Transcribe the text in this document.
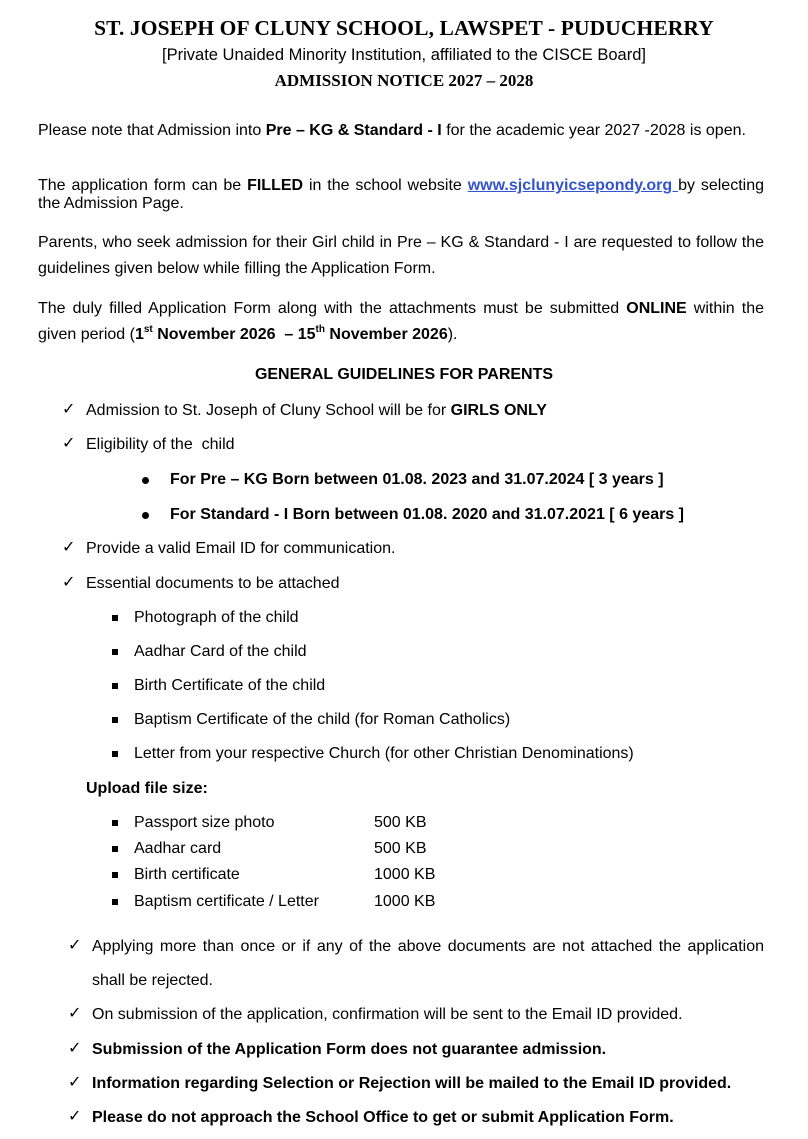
ST. JOSEPH OF CLUNY SCHOOL, LAWSPET - PUDUCHERRY
[Private Unaided Minority Institution, affiliated to the CISCE Board]
ADMISSION NOTICE 2027 – 2028
Please note that Admission into Pre – KG & Standard - I for the academic year 2027 -2028 is open.
The application form can be FILLED in the school website www.sjclunyicsepondy.org by selecting the Admission Page.
Parents, who seek admission for their Girl child in Pre – KG & Standard - I are requested to follow the guidelines given below while filling the Application Form.
The duly filled Application Form along with the attachments must be submitted ONLINE within the given period (1st November 2026  – 15th November 2026).
GENERAL GUIDELINES FOR PARENTS
✓ Admission to St. Joseph of Cluny School will be for GIRLS ONLY
✓ Eligibility of the  child
For Pre – KG Born between 01.08. 2023 and 31.07.2024 [ 3 years ]
For Standard - I Born between 01.08. 2020 and 31.07.2021 [ 6 years ]
✓ Provide a valid Email ID for communication.
✓ Essential documents to be attached
Photograph of the child
Aadhar Card of the child
Birth Certificate of the child
Baptism Certificate of the child (for Roman Catholics)
Letter from your respective Church (for other Christian Denominations)
Upload file size:
Passport size photo	500 KB
Aadhar card	500 KB
Birth certificate	1000 KB
Baptism certificate / Letter	1000 KB
✓ Applying more than once or if any of the above documents are not attached the application shall be rejected.
✓ On submission of the application, confirmation will be sent to the Email ID provided.
✓ Submission of the Application Form does not guarantee admission.
✓ Information regarding Selection or Rejection will be mailed to the Email ID provided.
✓ Please do not approach the School Office to get or submit Application Form.
